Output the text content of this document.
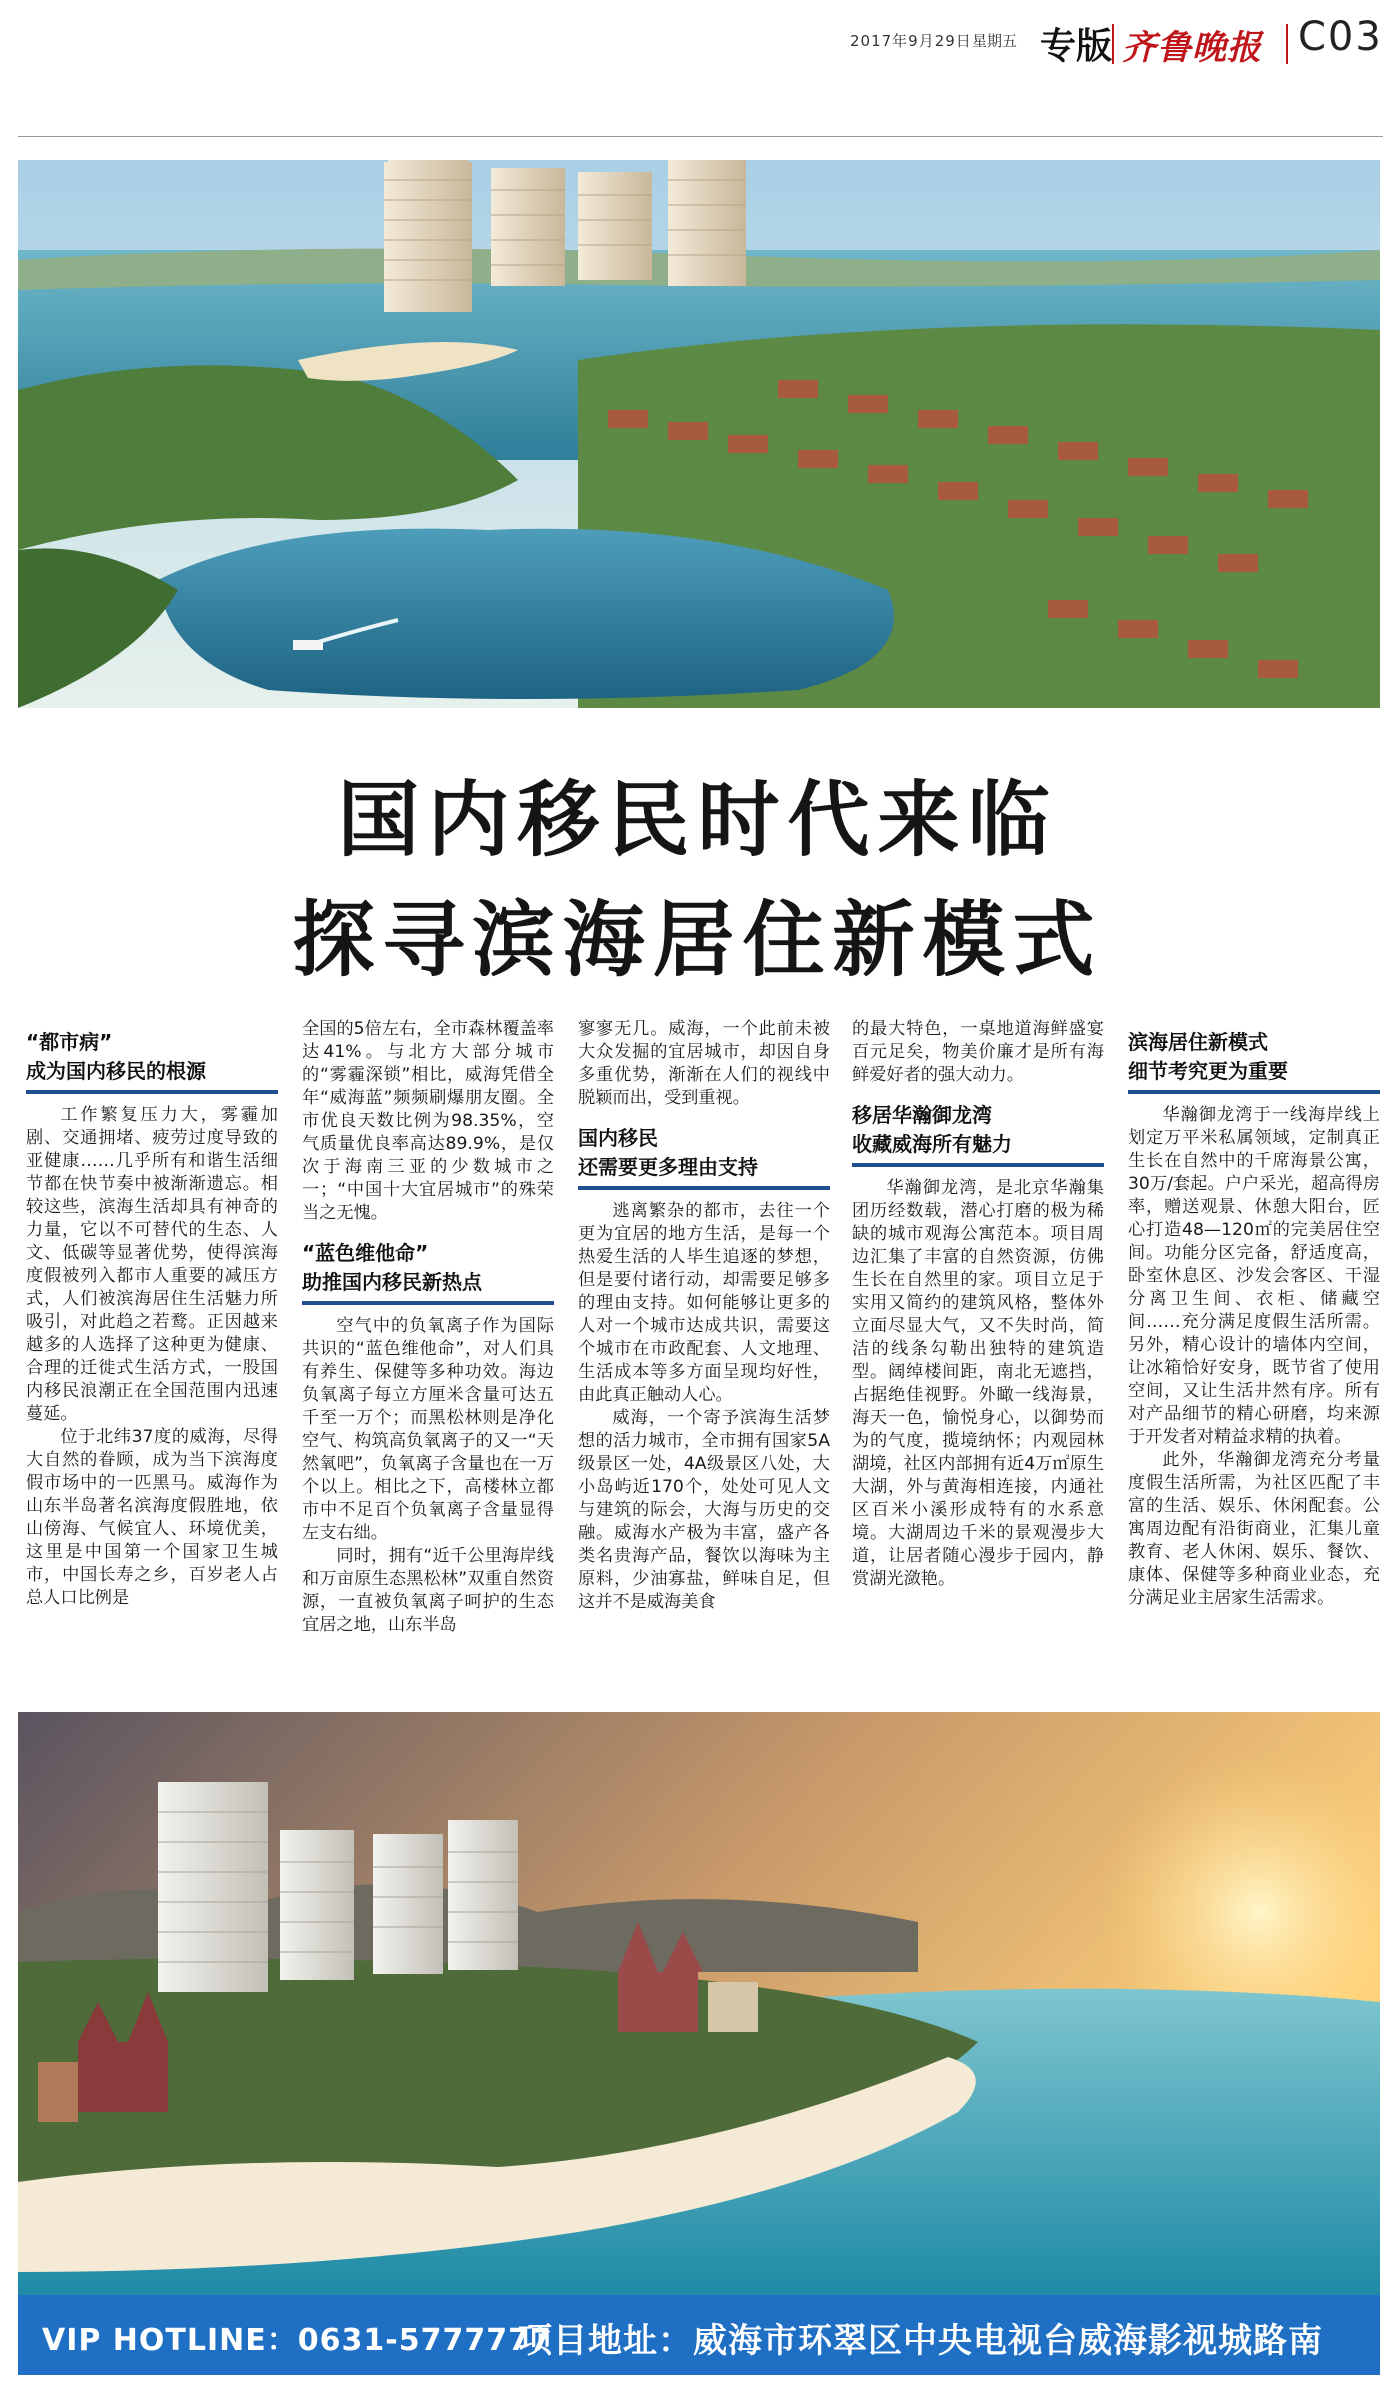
2017年9月29日 星期五 专版 齐鲁晚报 C03
国内移民时代来临
探寻滨海居住新模式
“都市病”
成为国内移民的根源

工作繁复压力大，雾霾加剧、交通拥堵、疲劳过度导致的亚健康……几乎所有和谐生活细节都在快节奏中被渐渐遗忘。相较这些，滨海生活却具有神奇的力量，它以不可替代的生态、人文、低碳等显著优势，使得滨海度假被列入都市人重要的减压方式，人们被滨海居住生活魅力所吸引，对此趋之若鹜。正因越来越多的人选择了这种更为健康、合理的迁徙式生活方式，一股国内移民浪潮正在全国范围内迅速蔓延。

位于北纬37度的威海，尽得大自然的眷顾，成为当下滨海度假市场中的一匹黑马。威海作为山东半岛著名滨海度假胜地，依山傍海、气候宜人、环境优美，这里是中国第一个国家卫生城市，中国长寿之乡，百岁老人占总人口比例是

全国的5倍左右，全市森林覆盖率达41%。与北方大部分城市的“雾霾深锁”相比，威海凭借全年“威海蓝”频频刷爆朋友圈。全市优良天数比例为98.35%，空气质量优良率高达89.9%，是仅次于海南三亚的少数城市之一；“中国十大宜居城市”的殊荣当之无愧。

“蓝色维他命”
助推国内移民新热点

空气中的负氧离子作为国际共识的“蓝色维他命”，对人们具有养生、保健等多种功效。海边负氧离子每立方厘米含量可达五千至一万个；而黑松林则是净化空气、构筑高负氧离子的又一“天然氧吧”，负氧离子含量也在一万个以上。相比之下，高楼林立都市中不足百个负氧离子含量显得左支右绌。

同时，拥有“近千公里海岸线和万亩原生态黑松林”双重自然资源，一直被负氧离子呵护的生态宜居之地，山东半岛

寥寥无几。威海，一个此前未被大众发掘的宜居城市，却因自身多重优势，渐渐在人们的视线中脱颖而出，受到重视。

国内移民
还需要更多理由支持

逃离繁杂的都市，去往一个更为宜居的地方生活，是每一个热爱生活的人毕生追逐的梦想，但是要付诸行动，却需要足够多的理由支持。如何能够让更多的人对一个城市达成共识，需要这个城市在市政配套、人文地理、生活成本等多方面呈现均好性，由此真正触动人心。

威海，一个寄予滨海生活梦想的活力城市，全市拥有国家5A级景区一处，4A级景区八处，大小岛屿近170个，处处可见人文与建筑的际会，大海与历史的交融。威海水产极为丰富，盛产各类名贵海产品，餐饮以海味为主原料，少油寡盐，鲜味自足，但这并不是威海美食

的最大特色，一桌地道海鲜盛宴百元足矣，物美价廉才是所有海鲜爱好者的强大动力。

移居华瀚御龙湾
收藏威海所有魅力

华瀚御龙湾，是北京华瀚集团历经数载，潜心打磨的极为稀缺的城市观海公寓范本。项目周边汇集了丰富的自然资源，仿佛生长在自然里的家。项目立足于实用又简约的建筑风格，整体外立面尽显大气，又不失时尚，简洁的线条勾勒出独特的建筑造型。阔绰楼间距，南北无遮挡，占据绝佳视野。外瞰一线海景，海天一色，愉悦身心，以御势而为的气度，揽境纳怀；内观园林湖境，社区内部拥有近4万㎡原生大湖，外与黄海相连接，内通社区百米小溪形成特有的水系意境。大湖周边千米的景观漫步大道，让居者随心漫步于园内，静赏湖光潋艳。

滨海居住新模式
细节考究更为重要

华瀚御龙湾于一线海岸线上划定万平米私属领域，定制真正生长在自然中的千席海景公寓，30万/套起。户户采光，超高得房率，赠送观景、休憩大阳台，匠心打造48—120㎡的完美居住空间。功能分区完备，舒适度高，卧室休息区、沙发会客区、干湿分离卫生间、衣柜、储藏空间……充分满足度假生活所需。另外，精心设计的墙体内空间，让冰箱恰好安身，既节省了使用空间，又让生活井然有序。所有对产品细节的精心研磨，均来源于开发者对精益求精的执着。

此外，华瀚御龙湾充分考量度假生活所需，为社区匹配了丰富的生活、娱乐、休闲配套。公寓周边配有沿街商业，汇集儿童教育、老人休闲、娱乐、餐饮、康体、保健等多种商业业态，充分满足业主居家生活需求。

VIP HOTLINE：0631-5777777
项目地址：威海市环翠区中央电视台威海影视城路南
